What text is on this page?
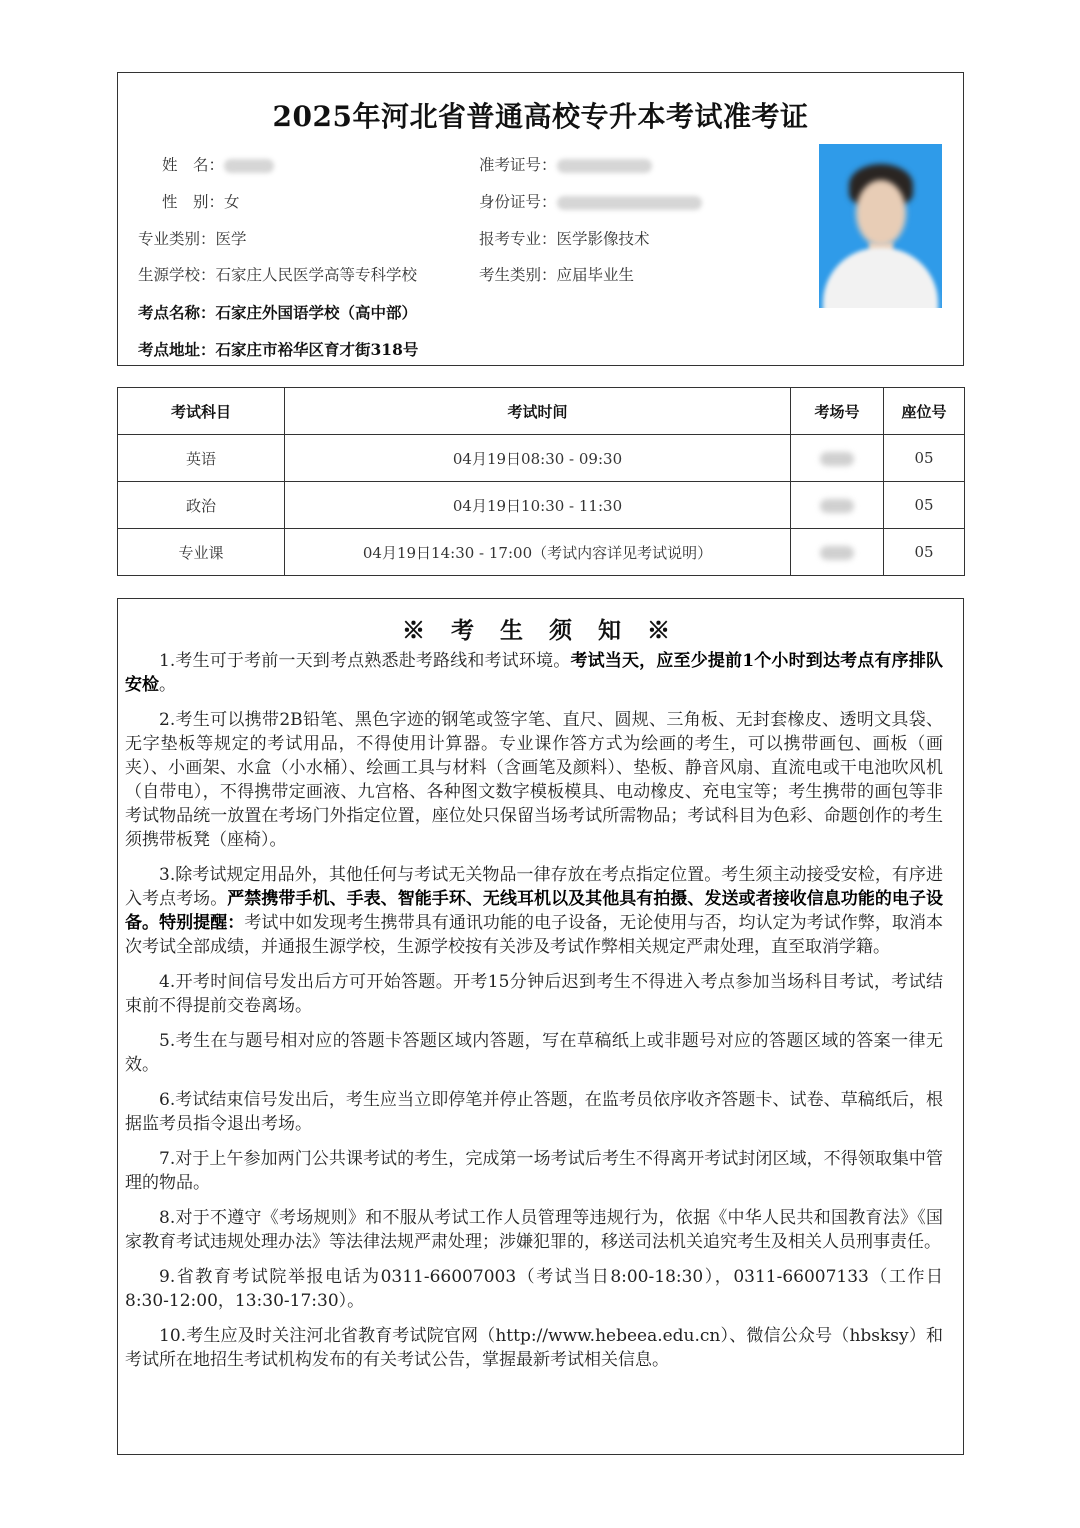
2025年河北省普通高校专升本考试准考证
姓　名：
性　别：女
专业类别：医学
生源学校：石家庄人民医学高等专科学校
考点名称：石家庄外国语学校（高中部）
考点地址：石家庄市裕华区育才街318号
准考证号：
身份证号：
报考专业：医学影像技术
考生类别：应届毕业生
考试科目	考试时间	考场号	座位号
英语	04月19日08:30 - 09:30		05
政治	04月19日10:30 - 11:30		05
专业课	04月19日14:30 - 17:00（考试内容详见考试说明）		05
※ 考 生 须 知 ※
1.考生可于考前一天到考点熟悉赴考路线和考试环境。考试当天，应至少提前1个小时到达考点有序排队安检。
2.考生可以携带2B铅笔、黑色字迹的钢笔或签字笔、直尺、圆规、三角板、无封套橡皮、透明文具袋、无字垫板等规定的考试用品，不得使用计算器。专业课作答方式为绘画的考生，可以携带画包、画板（画夹）、小画架、水盒（小水桶）、绘画工具与材料（含画笔及颜料）、垫板、静音风扇、直流电或干电池吹风机（自带电），不得携带定画液、九宫格、各种图文数字模板模具、电动橡皮、充电宝等；考生携带的画包等非考试物品统一放置在考场门外指定位置，座位处只保留当场考试所需物品；考试科目为色彩、命题创作的考生须携带板凳（座椅）。
3.除考试规定用品外，其他任何与考试无关物品一律存放在考点指定位置。考生须主动接受安检，有序进入考点考场。严禁携带手机、手表、智能手环、无线耳机以及其他具有拍摄、发送或者接收信息功能的电子设备。特别提醒：考试中如发现考生携带具有通讯功能的电子设备，无论使用与否，均认定为考试作弊，取消本次考试全部成绩，并通报生源学校，生源学校按有关涉及考试作弊相关规定严肃处理，直至取消学籍。
4.开考时间信号发出后方可开始答题。开考15分钟后迟到考生不得进入考点参加当场科目考试，考试结束前不得提前交卷离场。
5.考生在与题号相对应的答题卡答题区域内答题，写在草稿纸上或非题号对应的答题区域的答案一律无效。
6.考试结束信号发出后，考生应当立即停笔并停止答题，在监考员依序收齐答题卡、试卷、草稿纸后，根据监考员指令退出考场。
7.对于上午参加两门公共课考试的考生，完成第一场考试后考生不得离开考试封闭区域，不得领取集中管理的物品。
8.对于不遵守《考场规则》和不服从考试工作人员管理等违规行为，依据《中华人民共和国教育法》《国家教育考试违规处理办法》等法律法规严肃处理；涉嫌犯罪的，移送司法机关追究考生及相关人员刑事责任。
9.省教育考试院举报电话为0311-66007003（考试当日8:00-18:30），0311-66007133（工作日8:30-12:00，13:30-17:30）。
10.考生应及时关注河北省教育考试院官网（http://www.hebeea.edu.cn）、微信公众号（hbsksy）和考试所在地招生考试机构发布的有关考试公告，掌握最新考试相关信息。
